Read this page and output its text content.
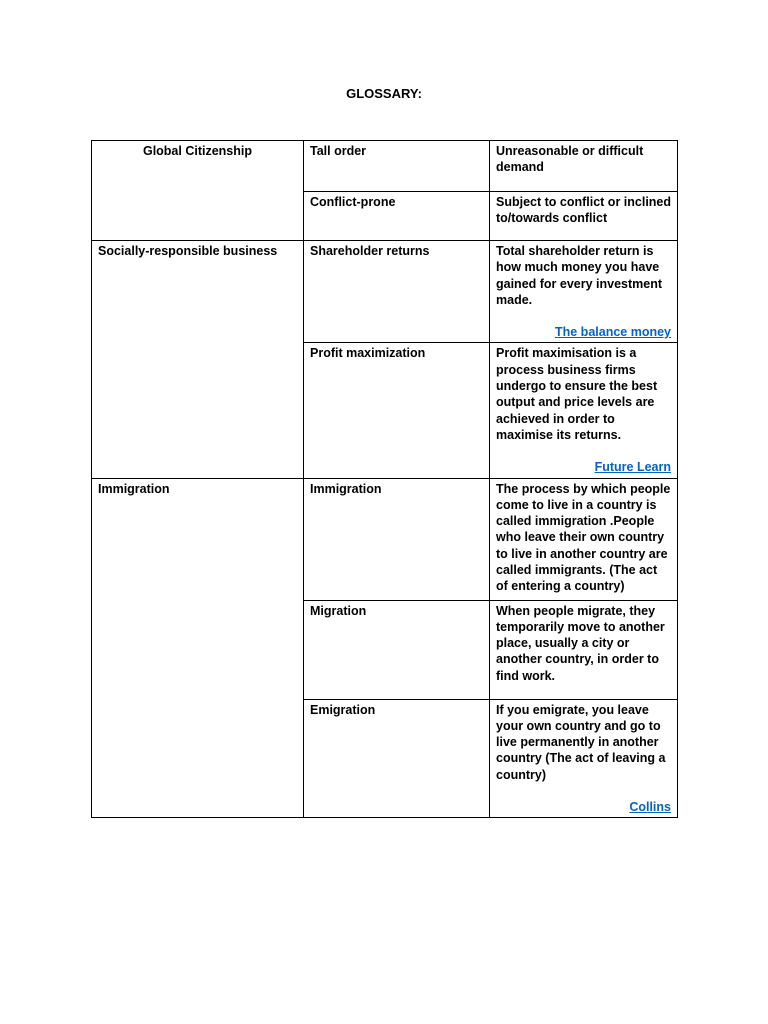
GLOSSARY:
Global Citizenship	Tall order	Unreasonable or difficult demand
	Conflict-prone	Subject to conflict or inclined to/towards conflict
Socially-responsible business	Shareholder returns	Total shareholder return is how much money you have gained for every investment made.
The balance money

	Profit maximization	Profit maximisation is a process business firms undergo to ensure the best output and price levels are achieved in order to maximise its returns.
Future Learn

Immigration	Immigration	The process by which people come to live in a country is called immigration .People who leave their own country to live in another country are called immigrants. (The act of entering a country)
	Migration	When people migrate, they temporarily move to another place, usually a city or another country, in order to find work.
	Emigration	If you emigrate, you leave your own country and go to live permanently in another country (The act of leaving a country)
Collins
